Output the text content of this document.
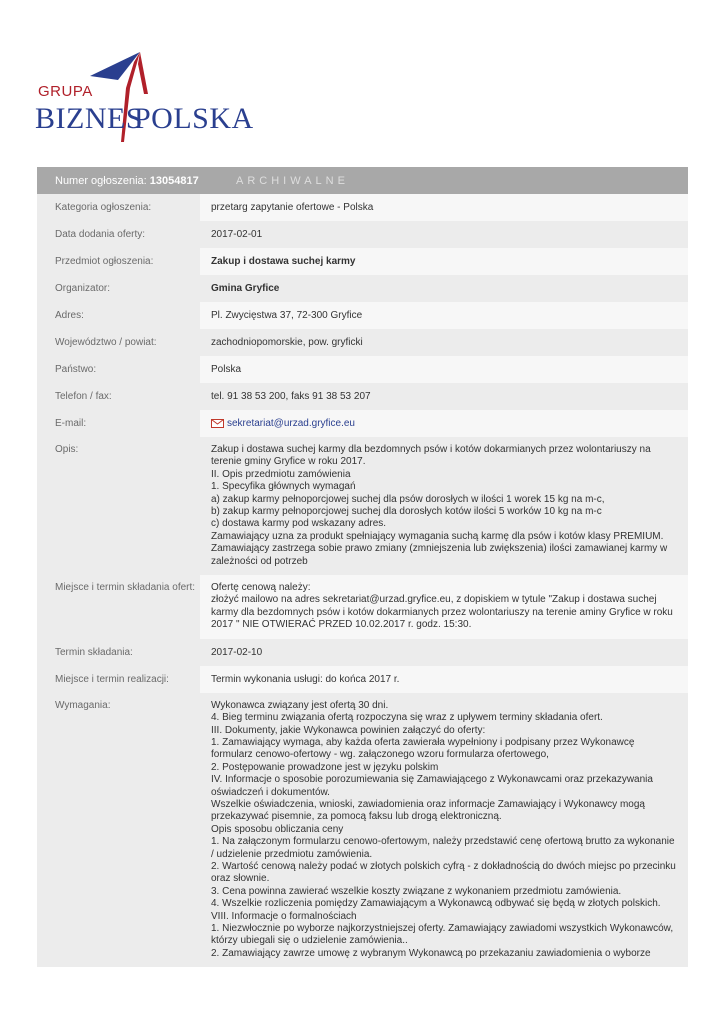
GRUPA
BIZNES
POLSKA
Numer ogłoszenia: 13054817	ARCHIWALNE
Kategoria ogłoszenia:	przetarg zapytanie ofertowe - Polska
Data dodania oferty:	2017-02-01
Przedmiot ogłoszenia:	Zakup i dostawa suchej karmy
Organizator:	Gmina Gryfice
Adres:	Pl. Zwycięstwa 37, 72-300 Gryfice
Województwo / powiat:	zachodniopomorskie, pow. gryficki
Państwo:	Polska
Telefon / fax:	tel. 91 38 53 200, faks 91 38 53 207
E-mail:	sekretariat@urzad.gryfice.eu
Opis:	Zakup i dostawa suchej karmy dla bezdomnych psów i kotów dokarmianych przez wolontariuszy na terenie gminy Gryfice w roku 2017.
II. Opis przedmiotu zamówienia
1. Specyfika głównych wymagań
a) zakup karmy pełnoporcjowej suchej dla psów dorosłych w ilości 1 worek 15 kg na m-c,
b) zakup karmy pełnoporcjowej suchej dla dorosłych kotów ilości 5 worków 10 kg na m-c
c) dostawa karmy pod wskazany adres.
Zamawiający uzna za produkt spełniający wymagania suchą karmę dla psów i kotów klasy PREMIUM.
Zamawiający zastrzega sobie prawo zmiany (zmniejszenia lub zwiększenia) ilości zamawianej karmy w zależności od potrzeb
Miejsce i termin składania ofert:	Ofertę cenową należy:
złożyć mailowo na adres sekretariat@urzad.gryfice.eu, z dopiskiem w tytule "Zakup i dostawa suchej karmy dla bezdomnych psów i kotów dokarmianych przez wolontariuszy na terenie aminy Gryfice w roku 2017 " NIE OTWIERAĆ PRZED 10.02.2017 r. godz. 15:30.
Termin składania:	2017-02-10
Miejsce i termin realizacji:	Termin wykonania usługi: do końca 2017 r.
Wymagania:	Wykonawca związany jest ofertą 30 dni.
4. Bieg terminu związania ofertą rozpoczyna się wraz z upływem terminy składania ofert.
III. Dokumenty, jakie Wykonawca powinien załączyć do oferty:
1. Zamawiający wymaga, aby każda oferta zawierała wypełniony i podpisany przez Wykonawcę formularz cenowo-ofertowy - wg. załączonego wzoru formularza ofertowego,
2. Postępowanie prowadzone jest w języku polskim
IV. Informacje o sposobie porozumiewania się Zamawiającego z Wykonawcami oraz przekazywania oświadczeń i dokumentów.
Wszelkie oświadczenia, wnioski, zawiadomienia oraz informacje Zamawiający i Wykonawcy mogą przekazywać pisemnie, za pomocą faksu lub drogą elektroniczną.
Opis sposobu obliczania ceny
1. Na załączonym formularzu cenowo-ofertowym, należy przedstawić cenę ofertową brutto za wykonanie / udzielenie przedmiotu zamówienia.
2. Wartość cenową należy podać w złotych polskich cyfrą - z dokładnością do dwóch miejsc po przecinku oraz słownie.
3. Cena powinna zawierać wszelkie koszty związane z wykonaniem przedmiotu zamówienia.
4. Wszelkie rozliczenia pomiędzy Zamawiającym a Wykonawcą odbywać się będą w złotych polskich.
VIII. Informacje o formalnościach
1. Niezwłocznie po wyborze najkorzystniejszej oferty. Zamawiający zawiadomi wszystkich Wykonawców, którzy ubiegali się o udzielenie zamówienia..
2. Zamawiający zawrze umowę z wybranym Wykonawcą po przekazaniu zawiadomienia o wyborze
